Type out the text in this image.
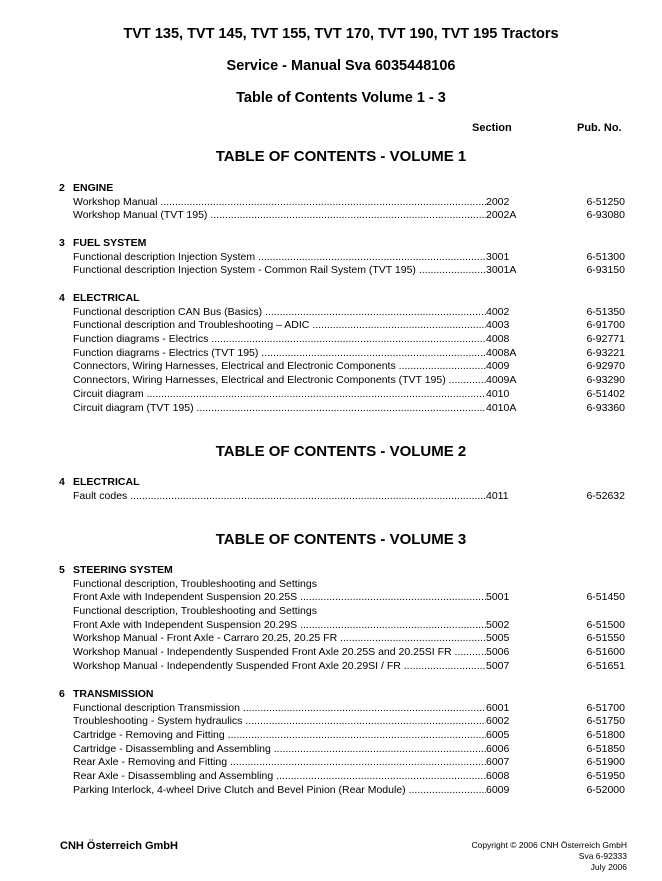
TVT 135, TVT 145, TVT 155, TVT 170, TVT 190, TVT 195 Tractors
Service - Manual Sva 6035448106
Table of Contents Volume 1 - 3
Section	Pub. No.
TABLE OF CONTENTS - VOLUME 1
2 ENGINE
Workshop Manual .....	2002	6-51250
Workshop Manual (TVT 195) .....	2002A	6-93080
3 FUEL SYSTEM
Functional description Injection System .....	3001	6-51300
Functional description Injection System - Common Rail System (TVT 195) .....	3001A	6-93150
4 ELECTRICAL
Functional description CAN Bus (Basics) .....	4002	6-51350
Functional description and Troubleshooting – ADIC .....	4003	6-91700
Function diagrams - Electrics .....	4008	6-92771
Function diagrams - Electrics (TVT 195) .....	4008A	6-93221
Connectors, Wiring Harnesses, Electrical and Electronic Components .....	4009	6-92970
Connectors, Wiring Harnesses, Electrical and Electronic Components (TVT 195) .....	4009A	6-93290
Circuit diagram .....	4010	6-51402
Circuit diagram (TVT 195) .....	4010A	6-93360
TABLE OF CONTENTS - VOLUME 2
4 ELECTRICAL
Fault codes .....	4011	6-52632
TABLE OF CONTENTS - VOLUME 3
5 STEERING SYSTEM
Functional description, Troubleshooting and Settings
Front Axle with Independent Suspension 20.25S .....	5001	6-51450
Functional description, Troubleshooting and Settings
Front Axle with Independent Suspension 20.29S .....	5002	6-51500
Workshop Manual - Front Axle - Carraro 20.25, 20.25 FR .....	5005	6-51550
Workshop Manual - Independently Suspended Front Axle 20.25S and 20.25SI FR .....	5006	6-51600
Workshop Manual - Independently Suspended Front Axle 20.29SI / FR .....	5007	6-51651
6 TRANSMISSION
Functional description Transmission .....	6001	6-51700
Troubleshooting - System hydraulics .....	6002	6-51750
Cartridge - Removing and Fitting .....	6005	6-51800
Cartridge - Disassembling and Assembling .....	6006	6-51850
Rear Axle - Removing and Fitting .....	6007	6-51900
Rear Axle - Disassembling and Assembling .....	6008	6-51950
Parking Interlock, 4-wheel Drive Clutch and Bevel Pinion (Rear Module) .....	6009	6-52000
CNH Österreich GmbH	Copyright © 2006 CNH Österreich GmbH
Sva 6-92333
July 2006
